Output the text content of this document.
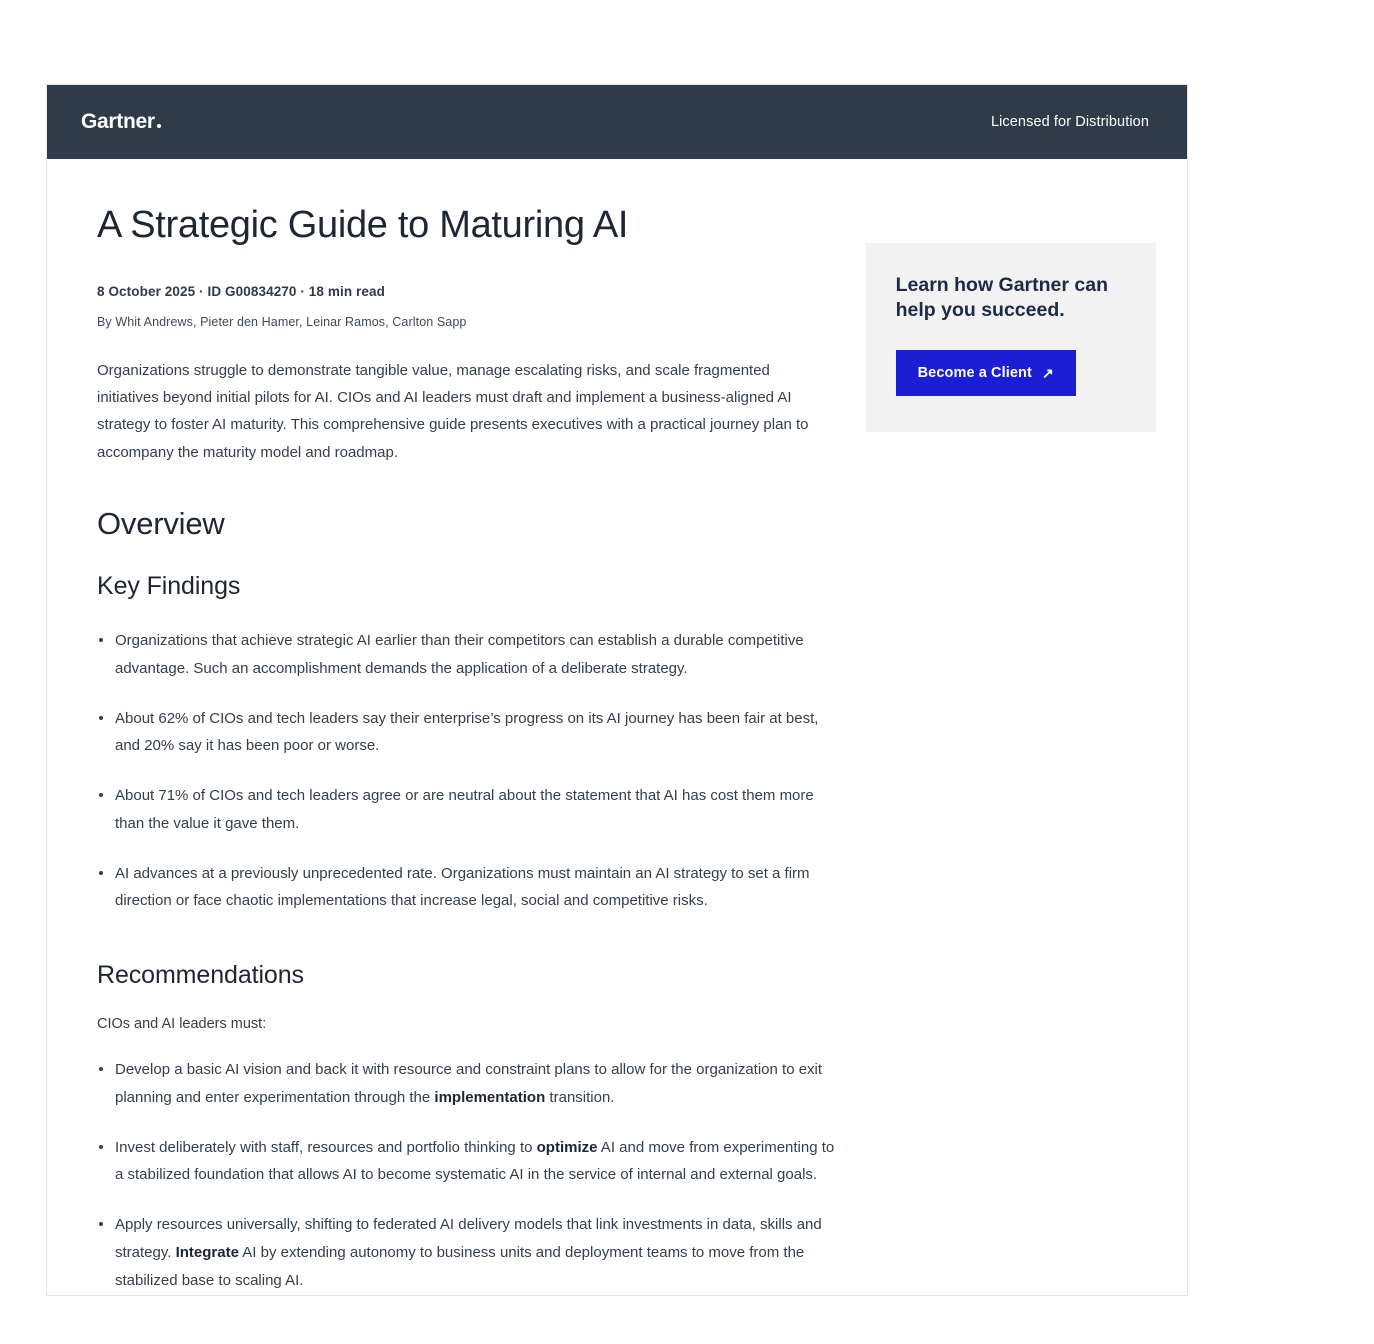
Gartner	Licensed for Distribution
A Strategic Guide to Maturing AI

8 October 2025 · ID G00834270 · 18 min read

By Whit Andrews, Pieter den Hamer, Leinar Ramos, Carlton Sapp

Organizations struggle to demonstrate tangible value, manage escalating risks, and scale fragmented initiatives beyond initial pilots for AI. CIOs and AI leaders must draft and implement a business-aligned AI strategy to foster AI maturity. This comprehensive guide presents executives with a practical journey plan to accompany the maturity model and roadmap.

Overview
Key Findings
Organizations that achieve strategic AI earlier than their competitors can establish a durable competitive advantage. Such an accomplishment demands the application of a deliberate strategy.
About 62% of CIOs and tech leaders say their enterprise’s progress on its AI journey has been fair at best, and 20% say it has been poor or worse.
About 71% of CIOs and tech leaders agree or are neutral about the statement that AI has cost them more than the value it gave them.
AI advances at a previously unprecedented rate. Organizations must maintain an AI strategy to set a firm direction or face chaotic implementations that increase legal, social and competitive risks.
Recommendations

CIOs and AI leaders must:

Develop a basic AI vision and back it with resource and constraint plans to allow for the organization to exit planning and enter experimentation through the implementation transition.
Invest deliberately with staff, resources and portfolio thinking to optimize AI and move from experimenting to a stabilized foundation that allows AI to become systematic AI in the service of internal and external goals.
Apply resources universally, shifting to federated AI delivery models that link investments in data, skills and strategy. Integrate AI by extending autonomy to business units and deployment teams to move from the stabilized base to scaling AI.
Learn how Gartner can help you succeed.
Become a Client ↗
